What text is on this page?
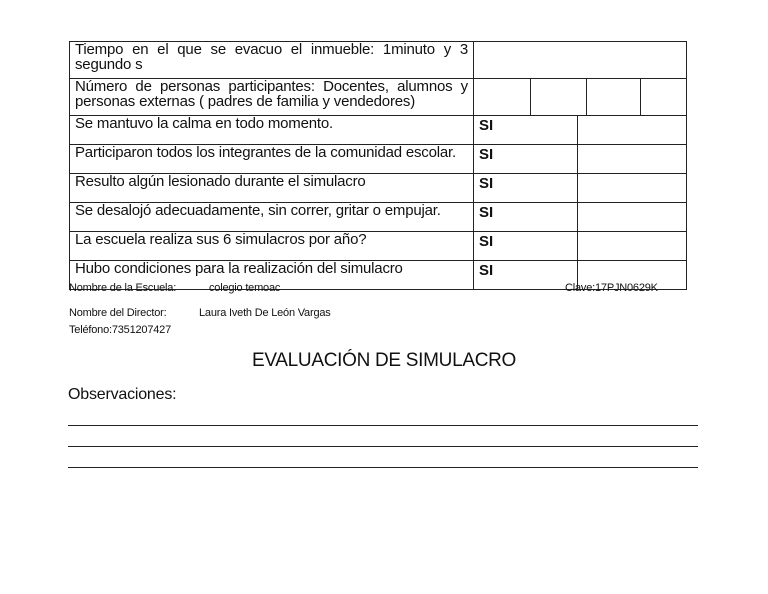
Tiempo en el que se evacuo el inmueble: 1minuto y 3 segundo s		
Número de personas participantes: Docentes, alumnos y personas externas ( padres de familia y vendedores)		

Se mantuvo la calma en todo momento.	SI	
Participaron todos los integrantes de la comunidad escolar.	SI	
Resulto algún lesionado durante el simulacro	SI	
Se desalojó adecuadamente, sin correr, gritar o empujar.	SI	
La escuela realiza sus 6 simulacros por año?	SI	
Hubo condiciones para la realización del simulacro	SI	
Nombre de la Escuela:	colegio temoac	Clave:17PJN0629K
Nombre del Director:	Laura Iveth De León Vargas
Teléfono:7351207427
EVALUACIÓN DE SIMULACRO
Observaciones:
